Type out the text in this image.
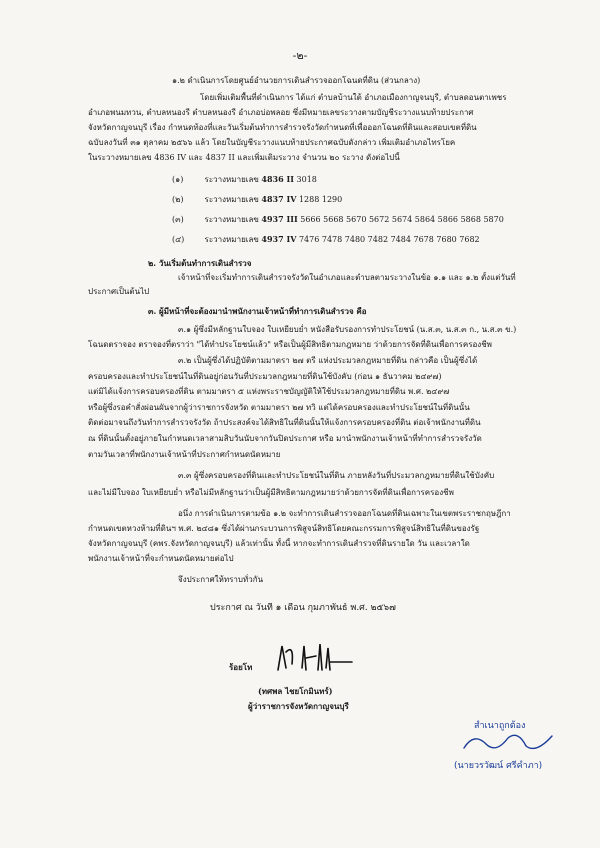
-๒-
๑.๒ ดำเนินการโดยศูนย์อำนวยการเดินสำรวจออกโฉนดที่ดิน (ส่วนกลาง)
โดยเพิ่มเติมพื้นที่ดำเนินการ ได้แก่ ตำบลบ้านใต้ อำเภอเมืองกาญจนบุรี, ตำบลดอนตาเพชร
อำเภอพนมทวน, ตำบลหนองรี ตำบลหนองรี อำเภอบ่อพลอย ซึ่งมีหมายเลขระวางตามบัญชีระวางแนบท้ายประกาศ
จังหวัดกาญจนบุรี เรื่อง กำหนดท้องที่และวันเริ่มต้นทำการสำรวจรังวัดกำหนดที่เพื่อออกโฉนดที่ดินและสอบเขตที่ดิน
ฉบับลงวันที่ ๓๑ ตุลาคม ๒๕๖๖ แล้ว โดยในบัญชีระวางแนบท้ายประกาศฉบับดังกล่าว เพิ่มเติมอำเภอไทรโยค
ในระวางหมายเลข 4836 IV และ 4837 II และเพิ่มเติมระวาง จำนวน ๒๐ ระวาง ดังต่อไปนี้
(๑)	ระวางหมายเลข 4836 II 3018
(๒)	ระวางหมายเลข 4837 IV 1288 1290
(๓)	ระวางหมายเลข 4937 III 5666 5668 5670 5672 5674 5864 5866 5868 5870
(๔)	ระวางหมายเลข 4937 IV 7476 7478 7480 7482 7484 7678 7680 7682
๒. วันเริ่มต้นทำการเดินสำรวจ
เจ้าหน้าที่จะเริ่มทำการเดินสำรวจรังวัดในอำเภอและตำบลตามระวางในข้อ ๑.๑ และ ๑.๒ ตั้งแต่วันที่
ประกาศเป็นต้นไป
๓. ผู้มีหน้าที่จะต้องมานำพนักงานเจ้าหน้าที่ทำการเดินสำรวจ คือ
๓.๑ ผู้ซึ่งมีหลักฐานใบจอง ใบเหยียบย่ำ หนังสือรับรองการทำประโยชน์ (น.ส.๓, น.ส.๓ ก., น.ส.๓ ข.)
โฉนดตราจอง ตราจองที่ตราว่า "ได้ทำประโยชน์แล้ว" หรือเป็นผู้มีสิทธิตามกฎหมาย ว่าด้วยการจัดที่ดินเพื่อการครองชีพ
๓.๒ เป็นผู้ซึ่งได้ปฏิบัติตามมาตรา ๒๗ ตรี แห่งประมวลกฎหมายที่ดิน กล่าวคือ เป็นผู้ซึ่งได้
ครอบครองและทำประโยชน์ในที่ดินอยู่ก่อนวันที่ประมวลกฎหมายที่ดินใช้บังคับ (ก่อน ๑ ธันวาคม ๒๔๙๗)
แต่มิได้แจ้งการครอบครองที่ดิน ตามมาตรา ๕ แห่งพระราชบัญญัติให้ใช้ประมวลกฎหมายที่ดิน พ.ศ. ๒๔๙๗
หรือผู้ซึ่งรอคำสั่งผ่อนผันจากผู้ว่าราชการจังหวัด ตามมาตรา ๒๗ ทวิ แต่ได้ครอบครองและทำประโยชน์ในที่ดินนั้น
ติดต่อมาจนถึงวันทำการสำรวจรังวัด ถ้าประสงค์จะได้สิทธิในที่ดินนั้นให้แจ้งการครอบครองที่ดิน ต่อเจ้าพนักงานที่ดิน
ณ ที่ดินนั้นตั้งอยู่ภายในกำหนดเวลาสามสิบวันนับจากวันปิดประกาศ หรือ มานำพนักงานเจ้าหน้าที่ทำการสำรวจรังวัด
ตามวันเวลาที่พนักงานเจ้าหน้าที่ประกาศกำหนดนัดหมาย
๓.๓ ผู้ซึ่งครอบครองที่ดินและทำประโยชน์ในที่ดิน ภายหลังวันที่ประมวลกฎหมายที่ดินใช้บังคับ
และไม่มีใบจอง ใบเหยียบย่ำ หรือไม่มีหลักฐานว่าเป็นผู้มีสิทธิตามกฎหมายว่าด้วยการจัดที่ดินเพื่อการครองชีพ
อนึ่ง การดำเนินการตามข้อ ๑.๒ จะทำการเดินสำรวจออกโฉนดที่ดินเฉพาะในเขตพระราชกฤษฎีกา
กำหนดเขตหวงห้ามที่ดินฯ พ.ศ. ๒๔๘๑ ซึ่งได้ผ่านกระบวนการพิสูจน์สิทธิโดยคณะกรรมการพิสูจน์สิทธิในที่ดินของรัฐ
จังหวัดกาญจนบุรี (คพร.จังหวัดกาญจนบุรี) แล้วเท่านั้น ทั้งนี้ หากจะทำการเดินสำรวจที่ดินรายใด วัน และเวลาใด
พนักงานเจ้าหน้าที่จะกำหนดนัดหมายต่อไป
จึงประกาศให้ทราบทั่วกัน
ประกาศ ณ วันที่ ๑ เดือน กุมภาพันธ์ พ.ศ. ๒๕๖๗
ร้อยโท
(ทศพล ไชยโกมินทร์)
ผู้ว่าราชการจังหวัดกาญจนบุรี
สำเนาถูกต้อง
(นายวรวัฒน์ ศรีคำภา)
